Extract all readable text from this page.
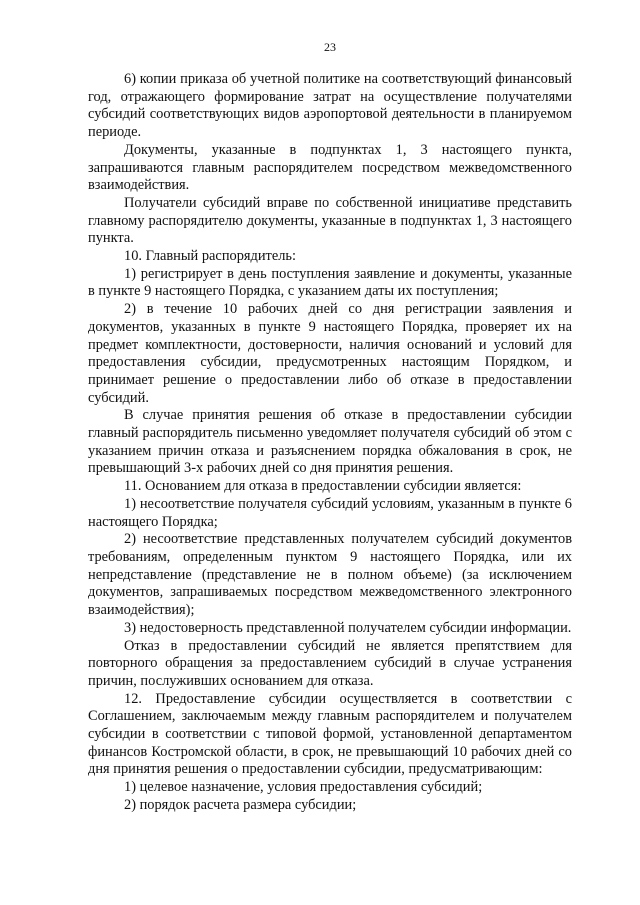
23

6) копии приказа об учетной политике на соответствующий финансовый год, отражающего формирование затрат на осуществление получателями субсидий соответствующих видов аэропортовой деятельности в планируемом периоде.

Документы, указанные в подпунктах 1, 3 настоящего пункта, запрашиваются главным распорядителем посредством межведомственного взаимодействия.

Получатели субсидий вправе по собственной инициативе представить главному распорядителю документы, указанные в подпунктах 1, 3 настоящего пункта.

10. Главный распорядитель:

1) регистрирует в день поступления заявление и документы, указанные в пункте 9 настоящего Порядка, с указанием даты их поступления;

2) в течение 10 рабочих дней со дня регистрации заявления и документов, указанных в пункте 9 настоящего Порядка, проверяет их на предмет комплектности, достоверности, наличия оснований и условий для предоставления субсидии, предусмотренных настоящим Порядком, и принимает решение о предоставлении либо об отказе в предоставлении субсидий.

В случае принятия решения об отказе в предоставлении субсидии главный распорядитель письменно уведомляет получателя субсидий об этом с указанием причин отказа и разъяснением порядка обжалования в срок, не превышающий 3-х рабочих дней со дня принятия решения.

11. Основанием для отказа в предоставлении субсидии является:

1) несоответствие получателя субсидий условиям, указанным в пункте 6 настоящего Порядка;

2) несоответствие представленных получателем субсидий документов требованиям, определенным пунктом 9 настоящего Порядка, или их непредставление (представление не в полном объеме) (за исключением документов, запрашиваемых посредством межведомственного электронного взаимодействия);

3) недостоверность представленной получателем субсидии информации.

Отказ в предоставлении субсидий не является препятствием для повторного обращения за предоставлением субсидий в случае устранения причин, послуживших основанием для отказа.

12. Предоставление субсидии осуществляется в соответствии с Соглашением, заключаемым между главным распорядителем и получателем субсидии в соответствии с типовой формой, установленной департаментом финансов Костромской области, в срок, не превышающий 10 рабочих дней со дня принятия решения о предоставлении субсидии, предусматривающим:

1) целевое назначение, условия предоставления субсидий;

2) порядок расчета размера субсидии;
